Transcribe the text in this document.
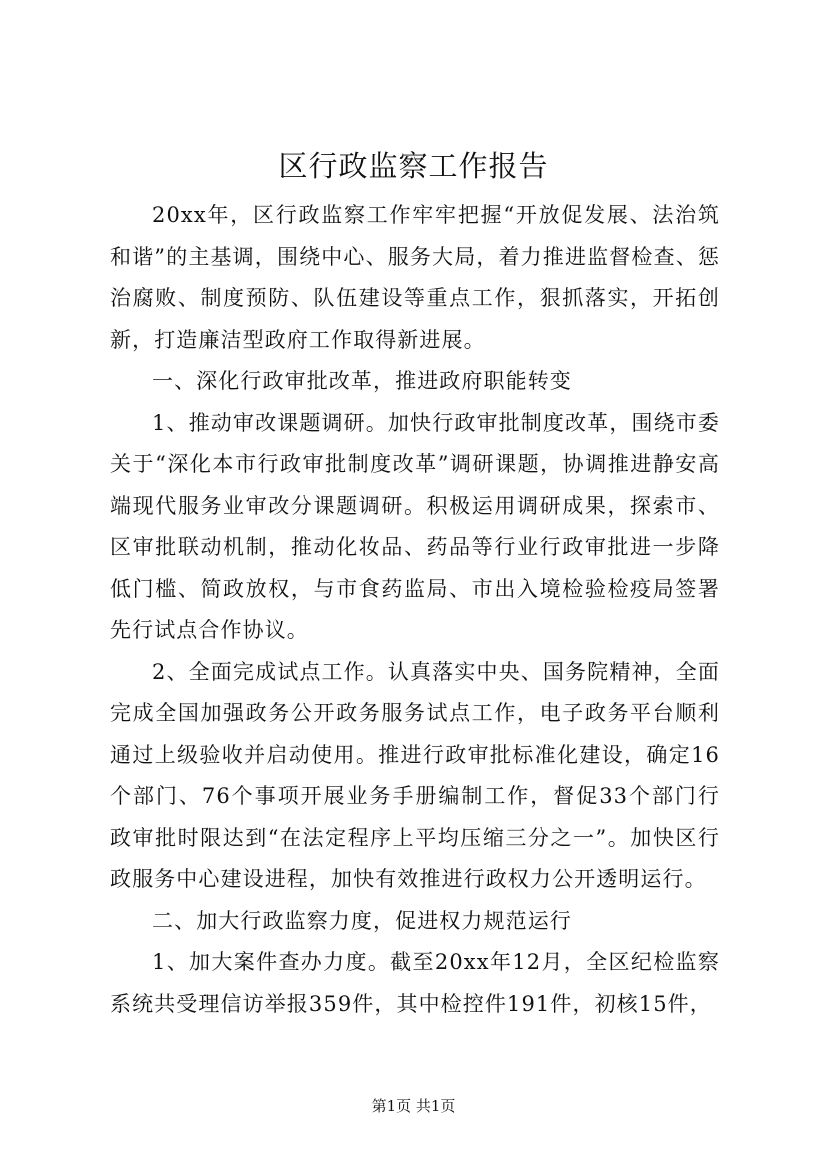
区行政监察工作报告

20xx年，区行政监察工作牢牢把握“开放促发展、法治筑和谐”的主基调，围绕中心、服务大局，着力推进监督检查、惩治腐败、制度预防、队伍建设等重点工作，狠抓落实，开拓创新，打造廉洁型政府工作取得新进展。

一、深化行政审批改革，推进政府职能转变

1、推动审改课题调研。加快行政审批制度改革，围绕市委关于“深化本市行政审批制度改革”调研课题，协调推进静安高端现代服务业审改分课题调研。积极运用调研成果，探索市、区审批联动机制，推动化妆品、药品等行业行政审批进一步降低门槛、简政放权，与市食药监局、市出入境检验检疫局签署先行试点合作协议。

2、全面完成试点工作。认真落实中央、国务院精神，全面完成全国加强政务公开政务服务试点工作，电子政务平台顺利通过上级验收并启动使用。推进行政审批标准化建设，确定16个部门、76个事项开展业务手册编制工作，督促33个部门行政审批时限达到“在法定程序上平均压缩三分之一”。加快区行政服务中心建设进程，加快有效推进行政权力公开透明运行。

二、加大行政监察力度，促进权力规范运行

1、加大案件查办力度。截至20xx年12月，全区纪检监察系统共受理信访举报359件，其中检控件191件，初核15件，

第1页 共1页
